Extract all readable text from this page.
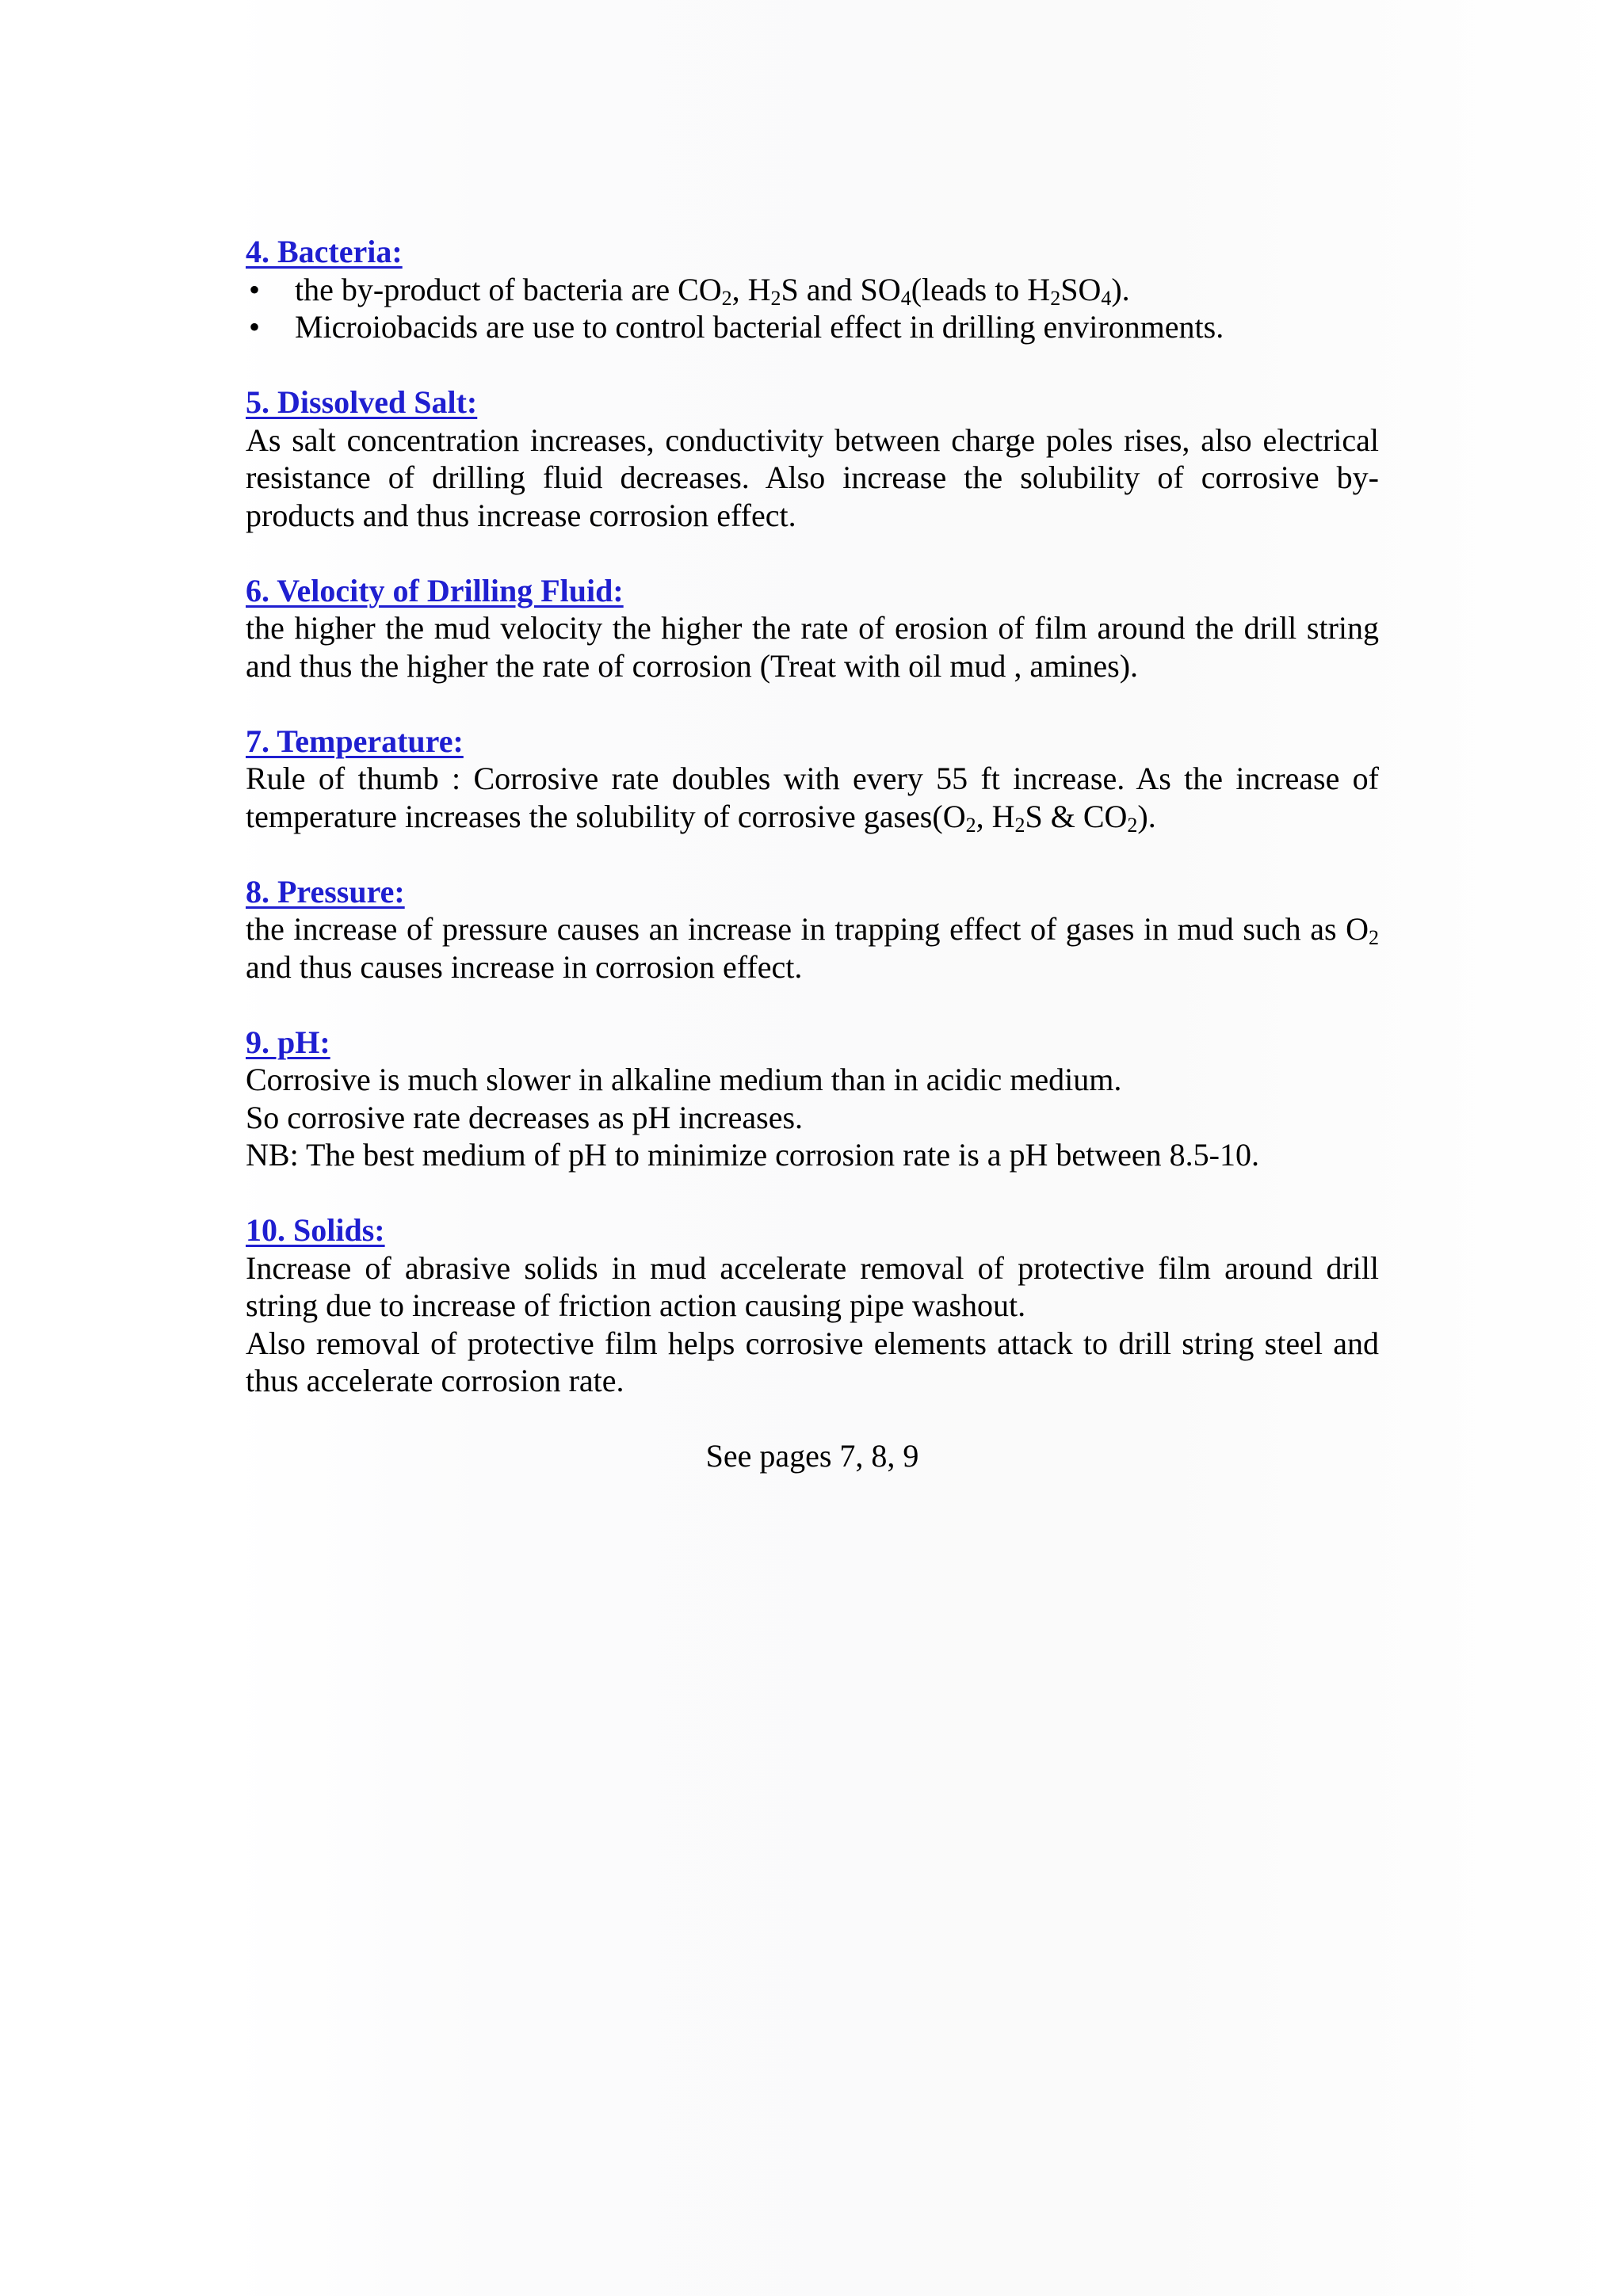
4. Bacteria:

• the by-product of bacteria are $CO_2$, $H_2S$ and $SO_4(leads$ to $H_2SO_4$).
• Microiobacids are use to control bacterial effect in drilling environments.

5. Dissolved Salt:

As salt concentration increases, conductivity between charge poles rises, also electrical resistance of drilling fluid decreases. Also increase the solubility of corrosive by-products and thus increase corrosion effect.

6. Velocity of Drilling Fluid:

the higher the mud velocity the higher the rate of erosion of film around the drill string and thus the higher the rate of corrosion (Treat with oil mud , amines).

7. Temperature:

Rule of thumb : Corrosive rate doubles with every 55 ft increase. As the increase of temperature increases the solubility of corrosive $gases(O_2$, $H_2S$ & $CO_2$).

8. Pressure:

the increase of pressure causes an increase in trapping effect of gases in mud such as $O_2$ and thus causes increase in corrosion effect.

9. pH:

Corrosive is much slower in alkaline medium than in acidic medium.

So corrosive rate decreases as pH increases.

NB: The best medium of pH to minimize corrosion rate is a pH between 8.5-10.

10. Solids:

Increase of abrasive solids in mud accelerate removal of protective film around drill string due to increase of friction action causing pipe washout.

Also removal of protective film helps corrosive elements attack to drill string steel and thus accelerate corrosion rate.

See pages 7, 8, 9
